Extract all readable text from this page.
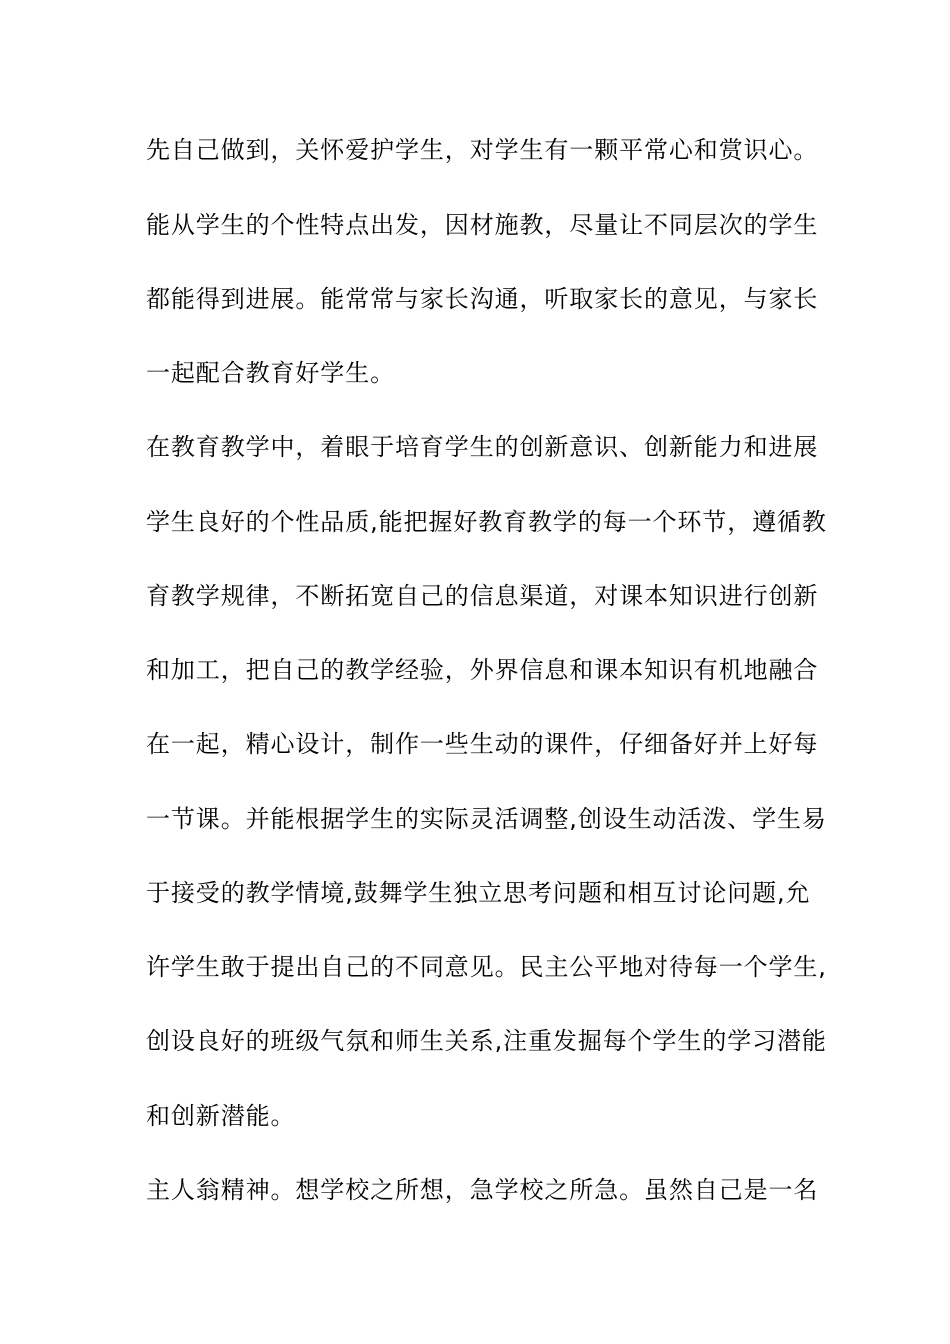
先自己做到，关怀爱护学生，对学生有一颗平常心和赏识心。
能从学生的个性特点出发，因材施教，尽量让不同层次的学生
都能得到进展。能常常与家长沟通，听取家长的意见，与家长
一起配合教育好学生。
在教育教学中，着眼于培育学生的创新意识、创新能力和进展
学生良好的个性品质,能把握好教育教学的每一个环节，遵循教
育教学规律，不断拓宽自己的信息渠道，对课本知识进行创新
和加工，把自己的教学经验，外界信息和课本知识有机地融合
在一起，精心设计，制作一些生动的课件，仔细备好并上好每
一节课。并能根据学生的实际灵活调整,创设生动活泼、学生易
于接受的教学情境,鼓舞学生独立思考问题和相互讨论问题,允
许学生敢于提出自己的不同意见。民主公平地对待每一个学生,
创设良好的班级气氛和师生关系,注重发掘每个学生的学习潜能
和创新潜能。
主人翁精神。想学校之所想，急学校之所急。虽然自己是一名
